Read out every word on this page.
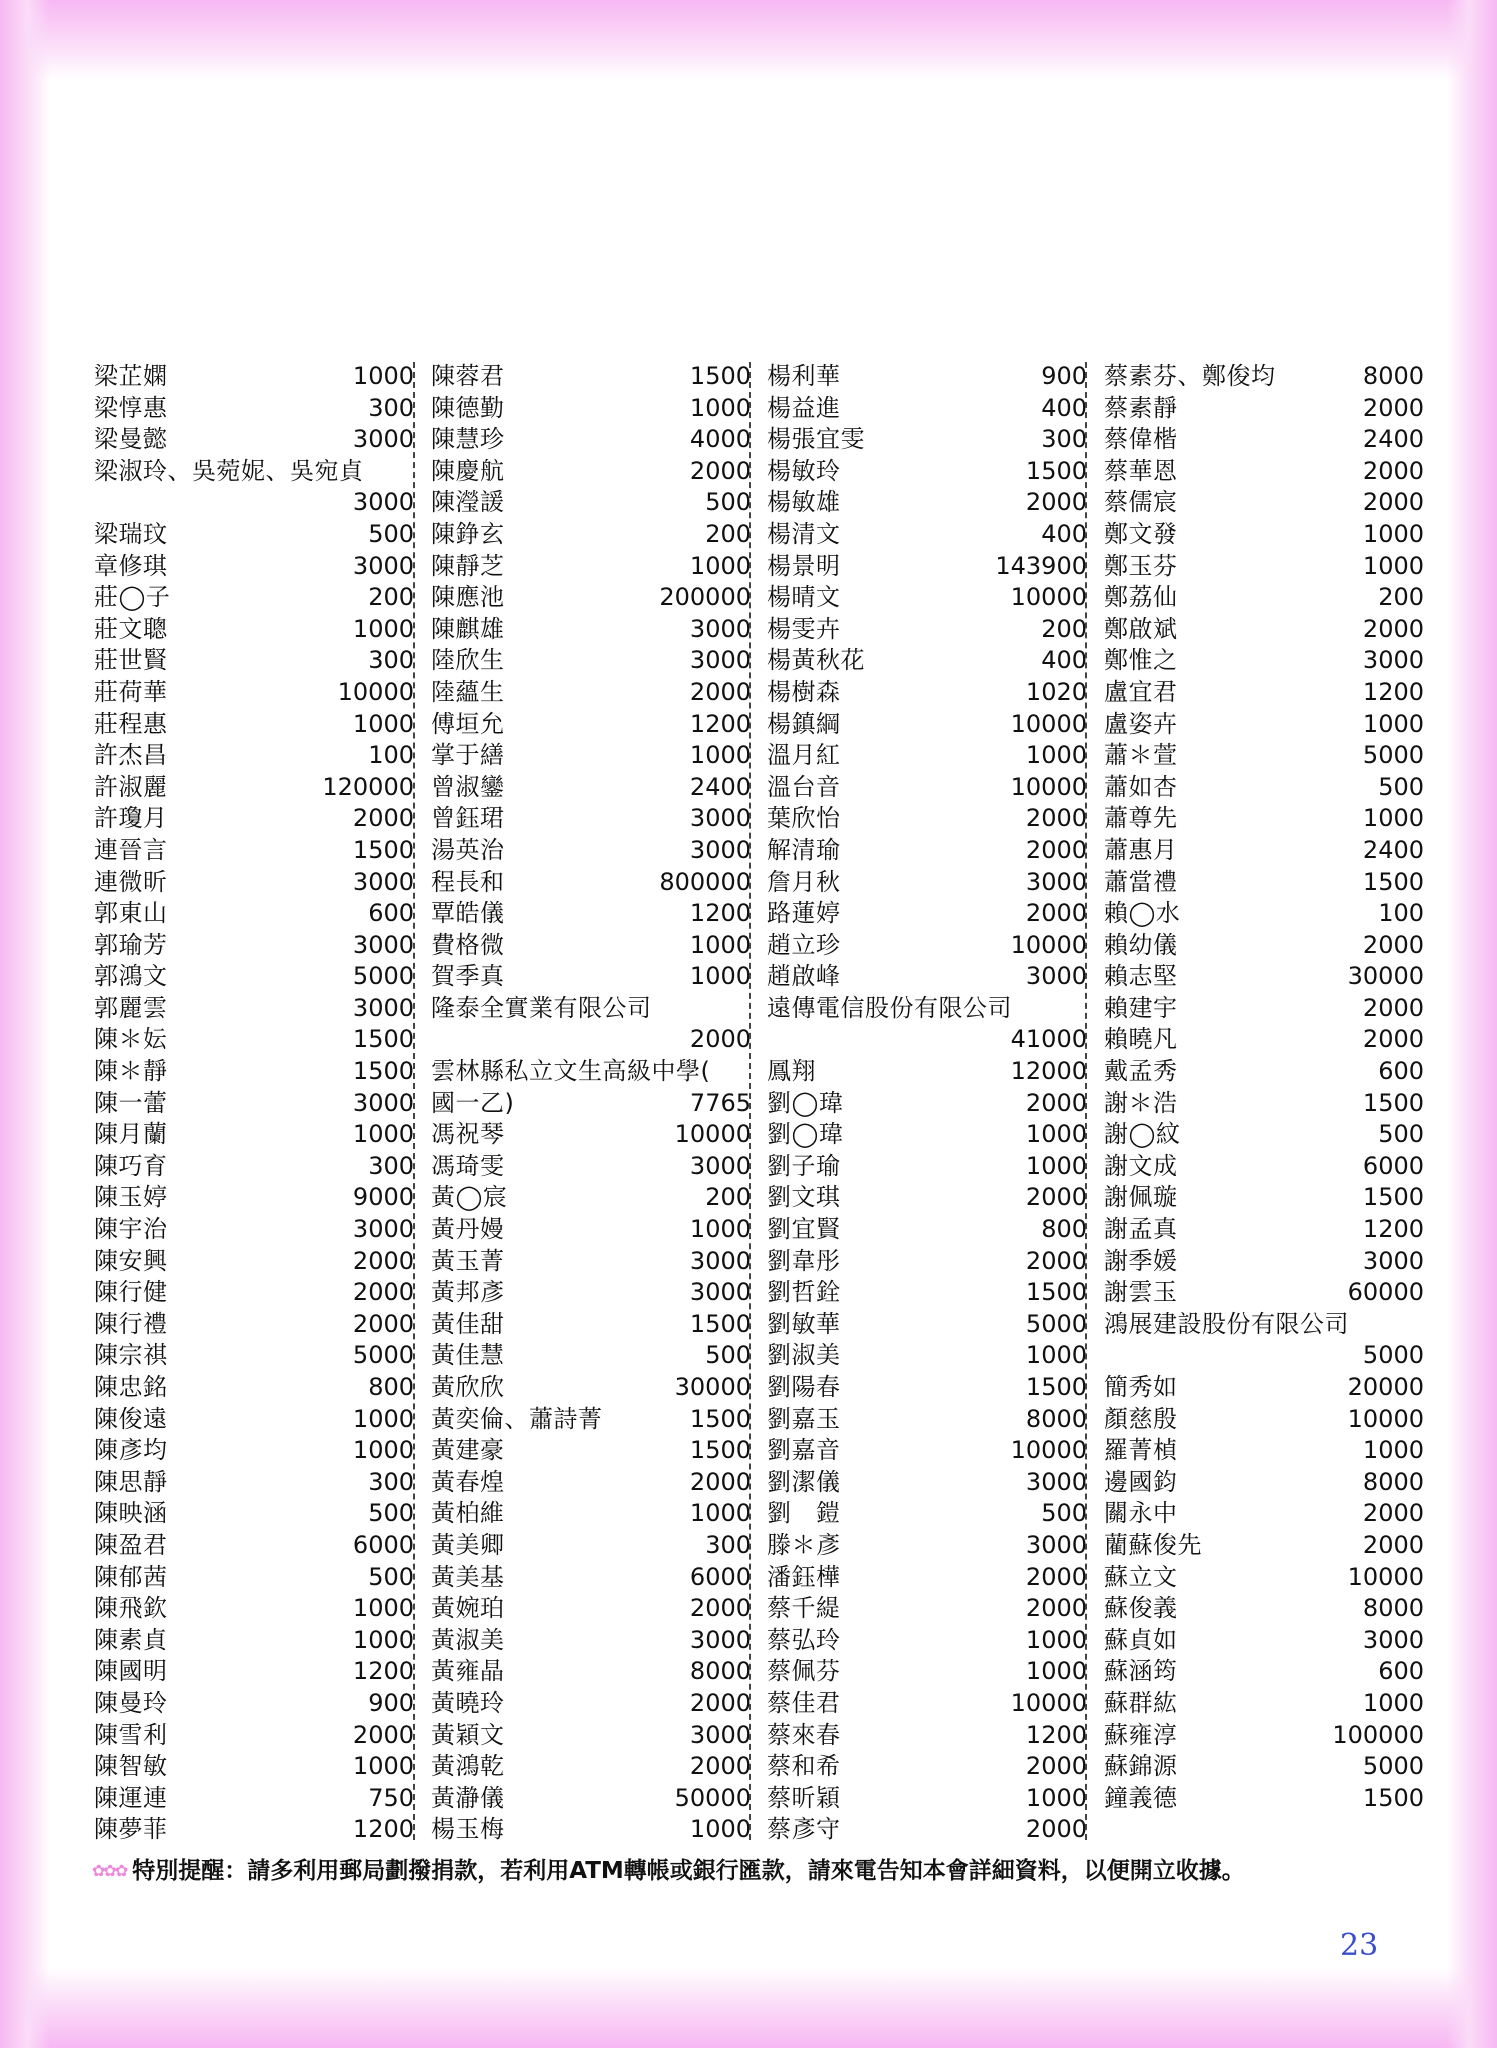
梁芷嫻	1000
梁惇惠	300
梁曼懿	3000
梁淑玲、吳菀妮、吳宛貞
3000
梁瑞玟	500
章修琪	3000
莊◯子	200
莊文聰	1000
莊世賢	300
莊荷華	10000
莊程惠	1000
許杰昌	100
許淑麗	120000
許瓊月	2000
連晉言	1500
連微昕	3000
郭東山	600
郭瑜芳	3000
郭鴻文	5000
郭麗雲	3000
陳＊妘	1500
陳＊靜	1500
陳一蕾	3000
陳月蘭	1000
陳巧育	300
陳玉婷	9000
陳宇治	3000
陳安興	2000
陳行健	2000
陳行禮	2000
陳宗祺	5000
陳忠銘	800
陳俊遠	1000
陳彥均	1000
陳思靜	300
陳映涵	500
陳盈君	6000
陳郁茜	500
陳飛欽	1000
陳素貞	1000
陳國明	1200
陳曼玲	900
陳雪利	2000
陳智敏	1000
陳運連	750
陳夢菲	1200
陳蓉君	1500
陳德勤	1000
陳慧珍	4000
陳慶航	2000
陳瀅諼	500
陳錚玄	200
陳靜芝	1000
陳應池	200000
陳麒雄	3000
陸欣生	3000
陸蘊生	2000
傅垣允	1200
掌于繕	1000
曾淑鑾	2400
曾鈺珺	3000
湯英治	3000
程長和	800000
覃皓儀	1200
費格微	1000
賀季真	1000
隆泰全實業有限公司
2000
雲林縣私立文生高級中學(
國一乙)	7765
馮祝琴	10000
馮琦雯	3000
黃◯宸	200
黃丹嫚	1000
黃玉菁	3000
黃邦彥	3000
黃佳甜	1500
黃佳慧	500
黃欣欣	30000
黃奕倫、蕭詩菁	1500
黃建豪	1500
黃春煌	2000
黃柏維	1000
黃美卿	300
黃美基	6000
黃婉珀	2000
黃淑美	3000
黃雍晶	8000
黃曉玲	2000
黃穎文	3000
黃鴻乾	2000
黃瀞儀	50000
楊玉梅	1000
楊利華	900
楊益進	400
楊張宜雯	300
楊敏玲	1500
楊敏雄	2000
楊清文	400
楊景明	143900
楊晴文	10000
楊雯卉	200
楊黃秋花	400
楊樹森	1020
楊鎮綱	10000
溫月紅	1000
溫台音	10000
葉欣怡	2000
解清瑜	2000
詹月秋	3000
路蓮婷	2000
趙立珍	10000
趙啟峰	3000
遠傳電信股份有限公司
41000
鳳翔	12000
劉◯瑋	2000
劉◯瑋	1000
劉子瑜	1000
劉文琪	2000
劉宜賢	800
劉韋彤	2000
劉哲銓	1500
劉敏華	5000
劉淑美	1000
劉陽春	1500
劉嘉玉	8000
劉嘉音	10000
劉潔儀	3000
劉　鎧	500
滕＊彥	3000
潘鈺樺	2000
蔡千緹	2000
蔡弘玲	1000
蔡佩芬	1000
蔡佳君	10000
蔡來春	1200
蔡和希	2000
蔡昕穎	1000
蔡彥守	2000
蔡素芬、鄭俊均	8000
蔡素靜	2000
蔡偉楷	2400
蔡華恩	2000
蔡儒宸	2000
鄭文發	1000
鄭玉芬	1000
鄭荔仙	200
鄭啟斌	2000
鄭惟之	3000
盧宜君	1200
盧姿卉	1000
蕭＊萱	5000
蕭如杏	500
蕭尊先	1000
蕭惠月	2400
蕭當禮	1500
賴◯水	100
賴幼儀	2000
賴志堅	30000
賴建宇	2000
賴曉凡	2000
戴孟秀	600
謝＊浩	1500
謝◯紋	500
謝文成	6000
謝佩璇	1500
謝孟真	1200
謝季媛	3000
謝雲玉	60000
鴻展建設股份有限公司
5000
簡秀如	20000
顏慈殷	10000
羅菁楨	1000
邊國鈞	8000
關永中	2000
藺蘇俊先	2000
蘇立文	10000
蘇俊義	8000
蘇貞如	3000
蘇涵筠	600
蘇群紘	1000
蘇雍淳	100000
蘇錦源	5000
鐘義德	1500
✿✿✿ 特別提醒：請多利用郵局劃撥捐款，若利用ATM轉帳或銀行匯款，請來電告知本會詳細資料，以便開立收據。
23
